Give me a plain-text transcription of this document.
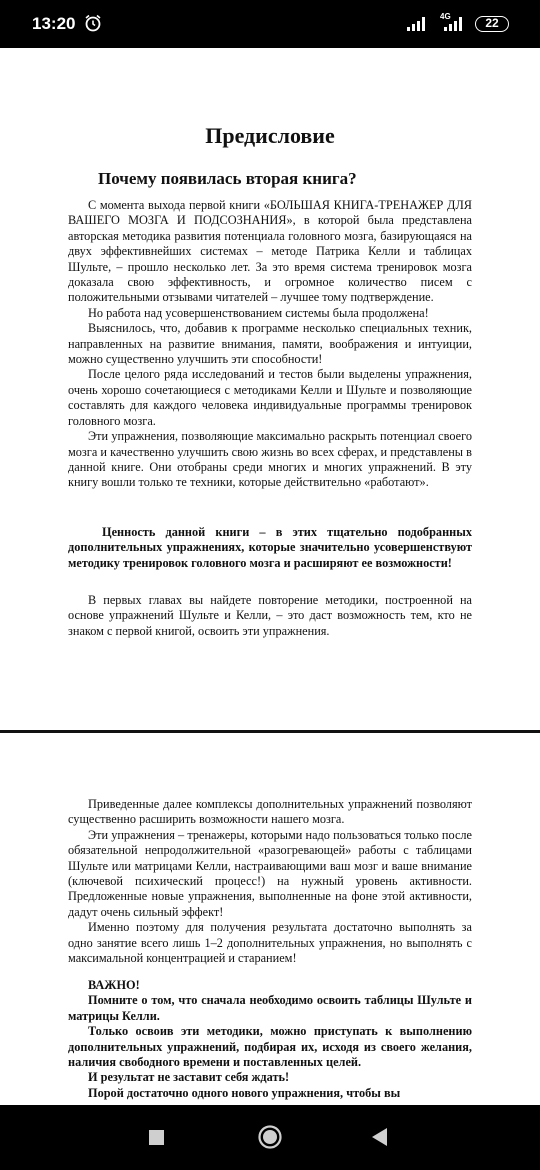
13:20	4G	22
Предисловие
Почему появилась вторая книга?

С момента выхода первой книги «БОЛЬШАЯ КНИГА-ТРЕНАЖЕР ДЛЯ ВАШЕГО МОЗГА И ПОДСОЗНАНИЯ», в которой была представлена авторская методика развития потенциала головного мозга, базирующаяся на двух эффективнейших системах – методе Патрика Келли и таблицах Шульте, – прошло несколько лет. За это время система тренировок мозга доказала свою эффективность, и огромное количество писем с положительными отзывами читателей – лучшее тому подтверждение.

Но работа над усовершенствованием системы была продолжена!

Выяснилось, что, добавив к программе несколько специальных техник, направленных на развитие внимания, памяти, воображения и интуиции, можно существенно улучшить эти способности!

После целого ряда исследований и тестов были выделены упражнения, очень хорошо сочетающиеся с методиками Келли и Шульте и позволяющие составлять для каждого человека индивидуальные программы тренировок головного мозга.

Эти упражнения, позволяющие максимально раскрыть потенциал своего мозга и качественно улучшить свою жизнь во всех сферах, и представлены в данной книге. Они отобраны среди многих и многих упражнений. В эту книгу вошли только те техники, которые действительно «работают».

Ценность данной книги – в этих тщательно подобранных дополнительных упражнениях, которые значительно усовершенствуют методику тренировок головного мозга и расширяют ее возможности!

В первых главах вы найдете повторение методики, построенной на основе упражнений Шульте и Келли, – это даст возможность тем, кто не знаком с первой книгой, освоить эти упражнения.

Приведенные далее комплексы дополнительных упражнений позволяют существенно расширить возможности нашего мозга.

Эти упражнения – тренажеры, которыми надо пользоваться только после обязательной непродолжительной «разогревающей» работы с таблицами Шульте или матрицами Келли, настраивающими ваш мозг и ваше внимание (ключевой психический процесс!) на нужный уровень активности. Предложенные новые упражнения, выполненные на фоне этой активности, дадут очень сильный эффект!

Именно поэтому для получения результата достаточно выполнять за одно занятие всего лишь 1–2 дополнительных упражнения, но выполнять с максимальной концентрацией и старанием!

ВАЖНО!

Помните о том, что сначала необходимо освоить таблицы Шульте и матрицы Келли.

Только освоив эти методики, можно приступать к выполнению дополнительных упражнений, подбирая их, исходя из своего желания, наличия свободного времени и поставленных целей.

И результат не заставит себя ждать!

Порой достаточно одного нового упражнения, чтобы вы
